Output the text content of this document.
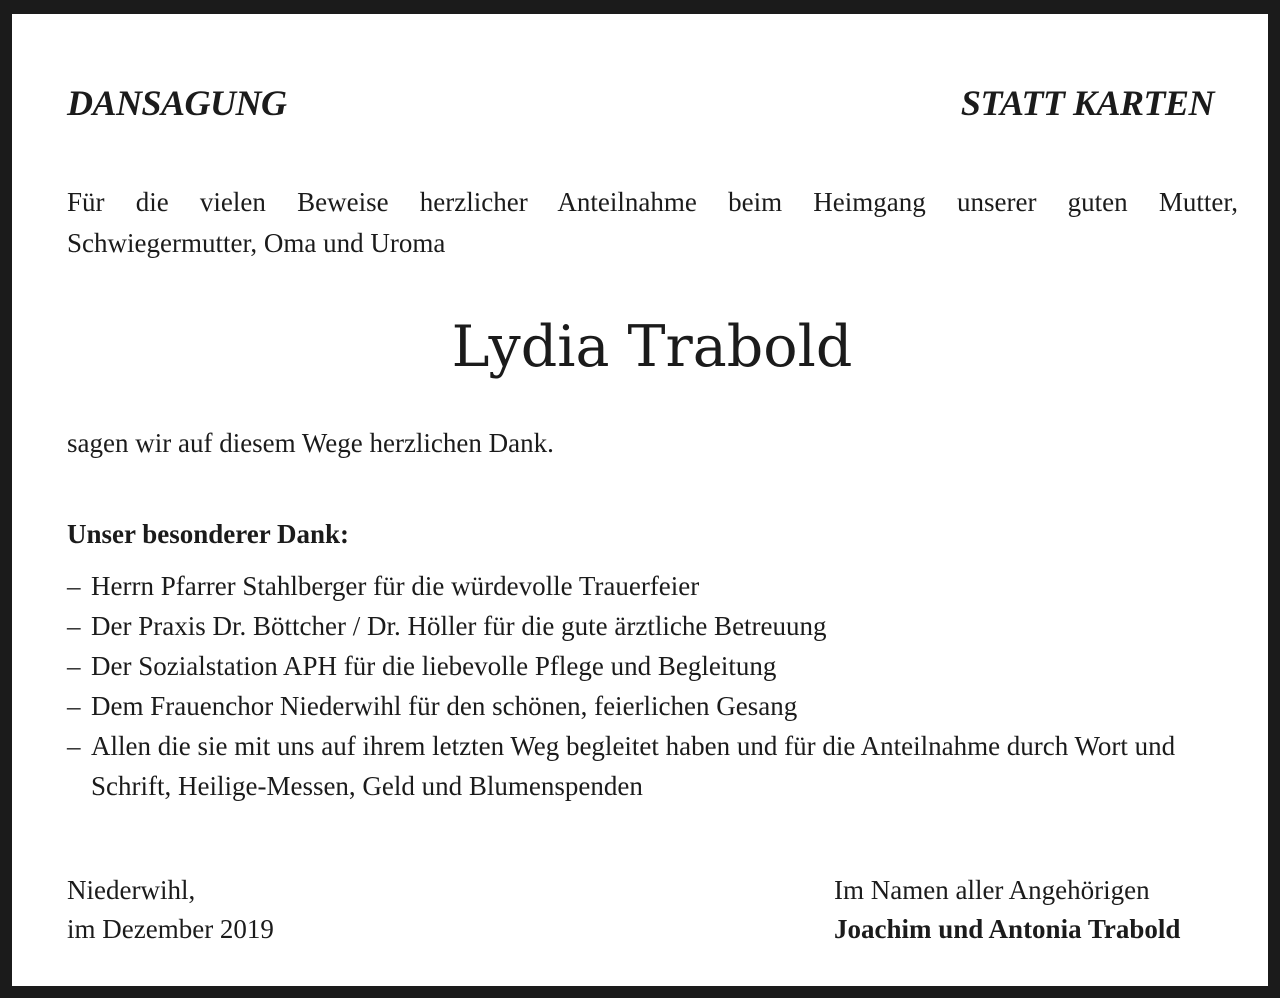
DANSAGUNG	STATT KARTEN
Für die vielen Beweise herzlicher Anteilnahme beim Heimgang unserer guten Mutter,
Schwiegermutter, Oma und Uroma
Lydia Trabold
sagen wir auf diesem Wege herzlichen Dank.
Unser besonderer Dank:
– Herrn Pfarrer Stahlberger für die würdevolle Trauerfeier
– Der Praxis Dr. Böttcher / Dr. Höller für die gute ärztliche Betreuung
– Der Sozialstation APH für die liebevolle Pflege und Begleitung
– Dem Frauenchor Niederwihl für den schönen, feierlichen Gesang
– Allen die sie mit uns auf ihrem letzten Weg begleitet haben und für die Anteilnahme durch Wort und Schrift, Heilige-Messen, Geld und Blumenspenden
Niederwihl,
im Dezember 2019
Im Namen aller Angehörigen
Joachim und Antonia Trabold
